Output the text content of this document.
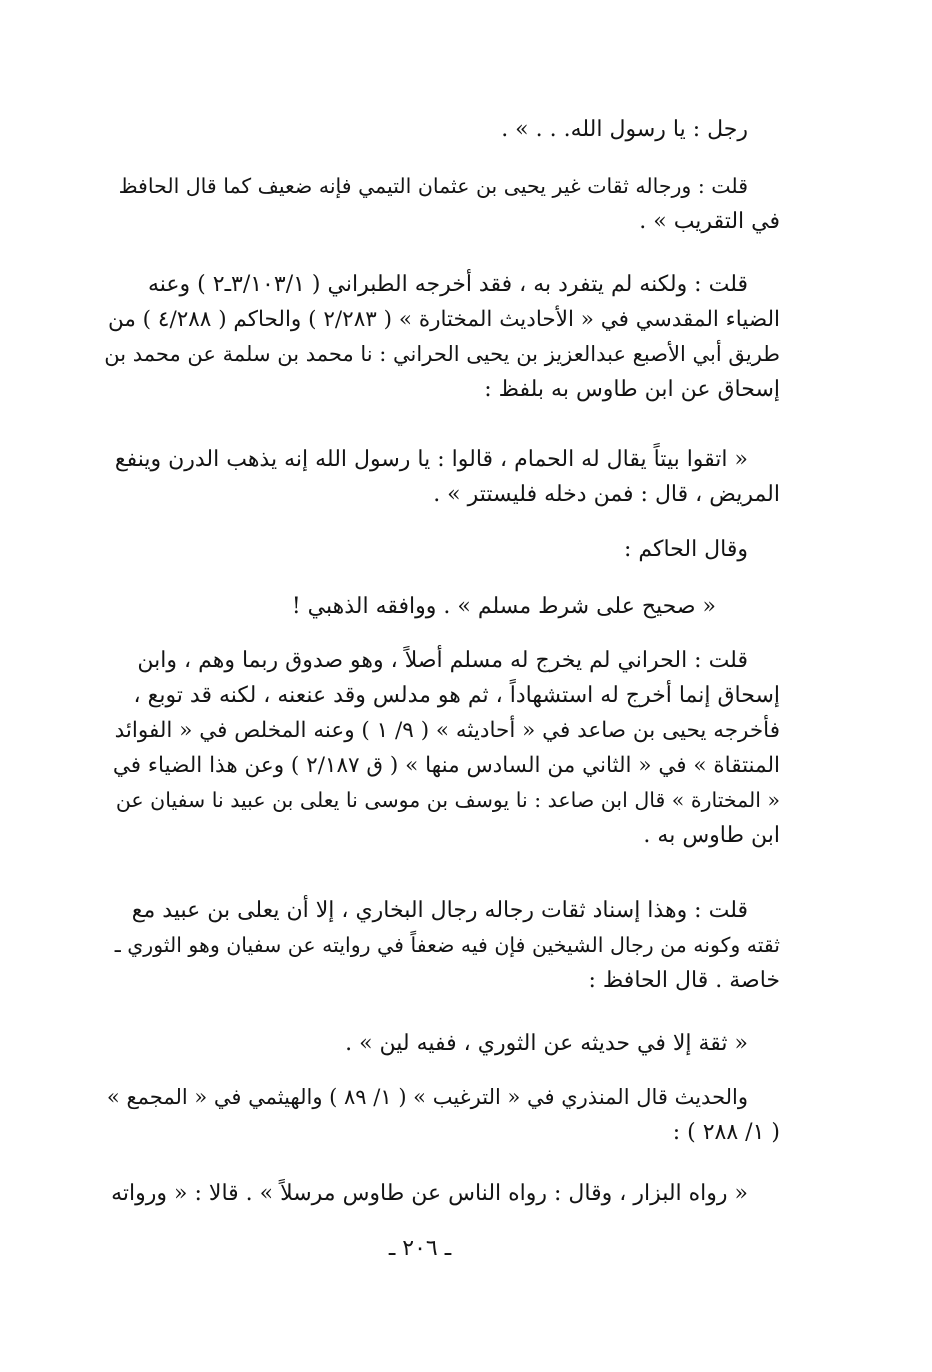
رجل : يا رسول الله. . . » .
قلت : ورجاله ثقات غير يحيى بن عثمان التيمي فإنه ضعيف كما قال الحافظ
في التقريب » .
قلت : ولكنه لم يتفرد به ، فقد أخرجه الطبراني ( ٣/١٠٣/١ـ٢ ) وعنه
الضياء المقدسي في « الأحاديث المختارة » ( ٢/٢٨٣ ) والحاكم ( ٤/٢٨٨ ) من
طريق أبي الأصبع عبدالعزيز بن يحيى الحراني : نا محمد بن سلمة عن محمد بن
إسحاق عن ابن طاوس به بلفظ :
« اتقوا بيتاً يقال له الحمام ، قالوا : يا رسول الله إنه يذهب الدرن وينفع
المريض ، قال : فمن دخله فليستتر » .
وقال الحاكم :
« صحيح على شرط مسلم » . ووافقه الذهبي !
قلت : الحراني لم يخرج له مسلم أصلاً ، وهو صدوق ربما وهم ، وابن
إسحاق إنما أخرج له استشهاداً ، ثم هو مدلس وقد عنعنه ، لكنه قد توبع ،
فأخرجه يحيى بن صاعد في « أحاديثه » ( ٩/ ١ ) وعنه المخلص في « الفوائد
المنتقاة » في « الثاني من السادس منها » ( ق ٢/١٨٧ ) وعن هذا الضياء في
« المختارة » قال ابن صاعد : نا يوسف بن موسى نا يعلى بن عبيد نا سفيان عن
ابن طاوس به .
قلت : وهذا إسناد ثقات رجاله رجال البخاري ، إلا أن يعلى بن عبيد مع
ثقته وكونه من رجال الشيخين فإن فيه ضعفاً في روايته عن سفيان وهو الثوري ـ
خاصة . قال الحافظ :
« ثقة إلا في حديثه عن الثوري ، ففيه لين » .
والحديث قال المنذري في « الترغيب » ( ١/ ٨٩ ) والهيثمي في « المجمع »
( ١/ ٢٨٨ ) :
« رواه البزار ، وقال : رواه الناس عن طاوس مرسلاً » . قالا : « ورواته
ـ ٢٠٦ ـ
